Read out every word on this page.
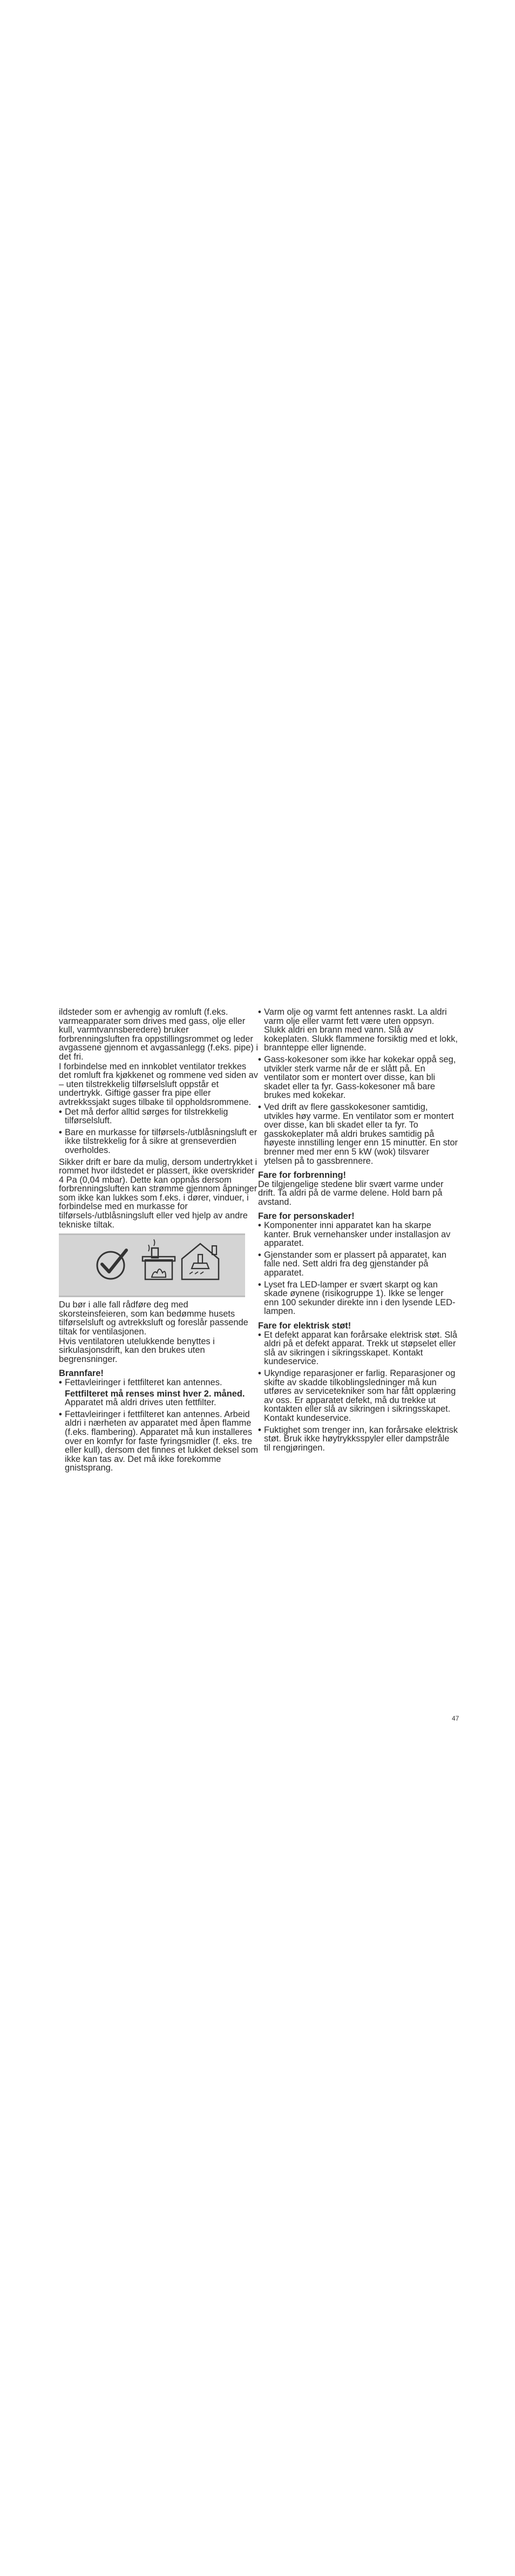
ildsteder som er avhengig av romluft (f.eks. varmeapparater som drives med gass, olje eller kull, varmtvannsberedere) bruker forbrenningsluften fra oppstillingsrommet og leder avgassene gjennom et avgassanlegg (f.eks. pipe) i det fri.

I forbindelse med en innkoblet ventilator trekkes det romluft fra kjøkkenet og rommene ved siden av – uten tilstrekkelig tilførselsluft oppstår et undertrykk. Giftige gasser fra pipe eller avtrekkssjakt suges tilbake til oppholdsrommene.

• Det må derfor alltid sørges for tilstrekkelig tilførselsluft.
• Bare en murkasse for tilførsels-/utblåsningsluft er ikke tilstrekkelig for å sikre at grenseverdien overholdes.

Sikker drift er bare da mulig, dersom undertrykket i rommet hvor ildstedet er plassert, ikke overskrider 4 Pa (0,04 mbar). Dette kan oppnås dersom forbrenningsluften kan strømme gjennom åpninger som ikke kan lukkes som f.eks. i dører, vinduer, i forbindelse med en murkasse for tilførsels-/utblåsningsluft eller ved hjelp av andre tekniske tiltak.

Du bør i alle fall rådføre deg med skorsteinsfeieren, som kan bedømme husets tilførselsluft og avtrekksluft og foreslår passende tiltak for ventilasjonen.

Hvis ventilatoren utelukkende benyttes i sirkulasjonsdrift, kan den brukes uten begrensninger.

Brannfare!
• Fettavleiringer i fettfilteret kan antennes.
Fettfilteret må renses minst hver 2. måned.
Apparatet må aldri drives uten fettfilter.
• Fettavleiringer i fettfilteret kan antennes. Arbeid aldri i nærheten av apparatet med åpen flamme (f.eks. flambering). Apparatet må kun installeres over en komfyr for faste fyringsmidler (f. eks. tre eller kull), dersom det finnes et lukket deksel som ikke kan tas av. Det må ikke forekomme gnistsprang.
• Varm olje og varmt fett antennes raskt. La aldri varm olje eller varmt fett være uten oppsyn. Slukk aldri en brann med vann. Slå av kokeplaten. Slukk flammene forsiktig med et lokk, brannteppe eller lignende.
• Gass-kokesoner som ikke har kokekar oppå seg, utvikler sterk varme når de er slått på. En ventilator som er montert over disse, kan bli skadet eller ta fyr. Gass-kokesoner må bare brukes med kokekar.
• Ved drift av flere gasskokesoner samtidig, utvikles høy varme. En ventilator som er montert over disse, kan bli skadet eller ta fyr. To gasskokeplater må aldri brukes samtidig på høyeste innstilling lenger enn 15 minutter. En stor brenner med mer enn 5 kW (wok) tilsvarer ytelsen på to gassbrennere.
Fare for forbrenning!

De tilgjengelige stedene blir svært varme under drift. Ta aldri på de varme delene. Hold barn på avstand.

Fare for personskader!
• Komponenter inni apparatet kan ha skarpe kanter. Bruk vernehansker under installasjon av apparatet.
• Gjenstander som er plassert på apparatet, kan falle ned. Sett aldri fra deg gjenstander på apparatet.
• Lyset fra LED-lamper er svært skarpt og kan skade øynene (risikogruppe 1). Ikke se lenger enn 100 sekunder direkte inn i den lysende LED-lampen.
Fare for elektrisk støt!
• Et defekt apparat kan forårsake elektrisk støt. Slå aldri på et defekt apparat. Trekk ut støpselet eller slå av sikringen i sikringsskapet. Kontakt kundeservice.
• Ukyndige reparasjoner er farlig. Reparasjoner og skifte av skadde tilkoblingsledninger må kun utføres av servicetekniker som har fått opplæring av oss. Er apparatet defekt, må du trekke ut kontakten eller slå av sikringen i sikringsskapet. Kontakt kundeservice.
• Fuktighet som trenger inn, kan forårsake elektrisk støt. Bruk ikke høytrykksspyler eller dampstråle til rengjøringen.
47
